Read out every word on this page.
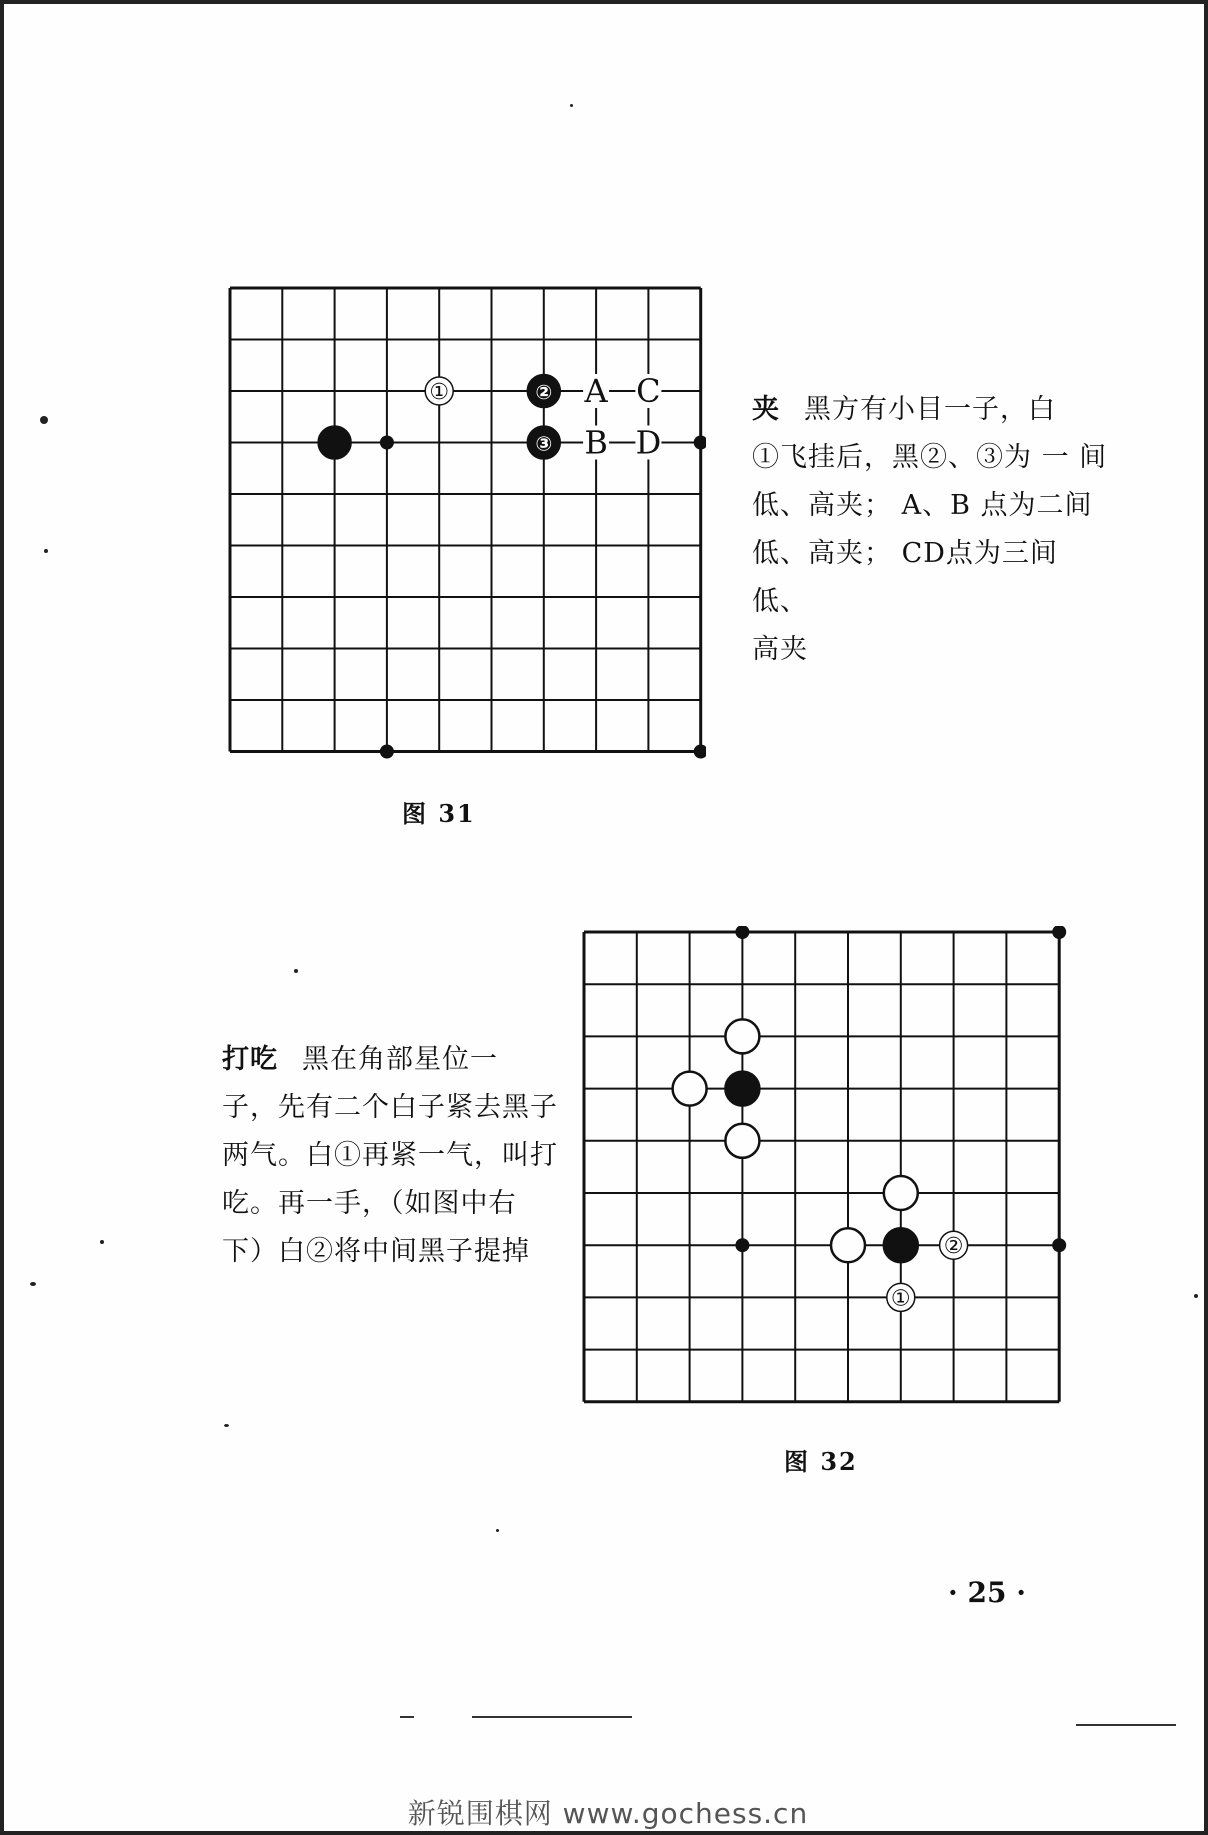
A C
B D
①	②
③
图 31
夹 黑方有小目一子，白
①飞挂后，黑②、③为 一 间
低、高夹； A、B 点为二间
低、高夹； CD点为三间低、
高夹
打吃 黑在角部星位一
子，先有二个白子紧去黑子
两气。白①再紧一气，叫打
吃。再一手，（如图中右
下）白②将中间黑子提掉	②
①
图 32
· 25 ·
新锐围棋网 www.gochess.cn
